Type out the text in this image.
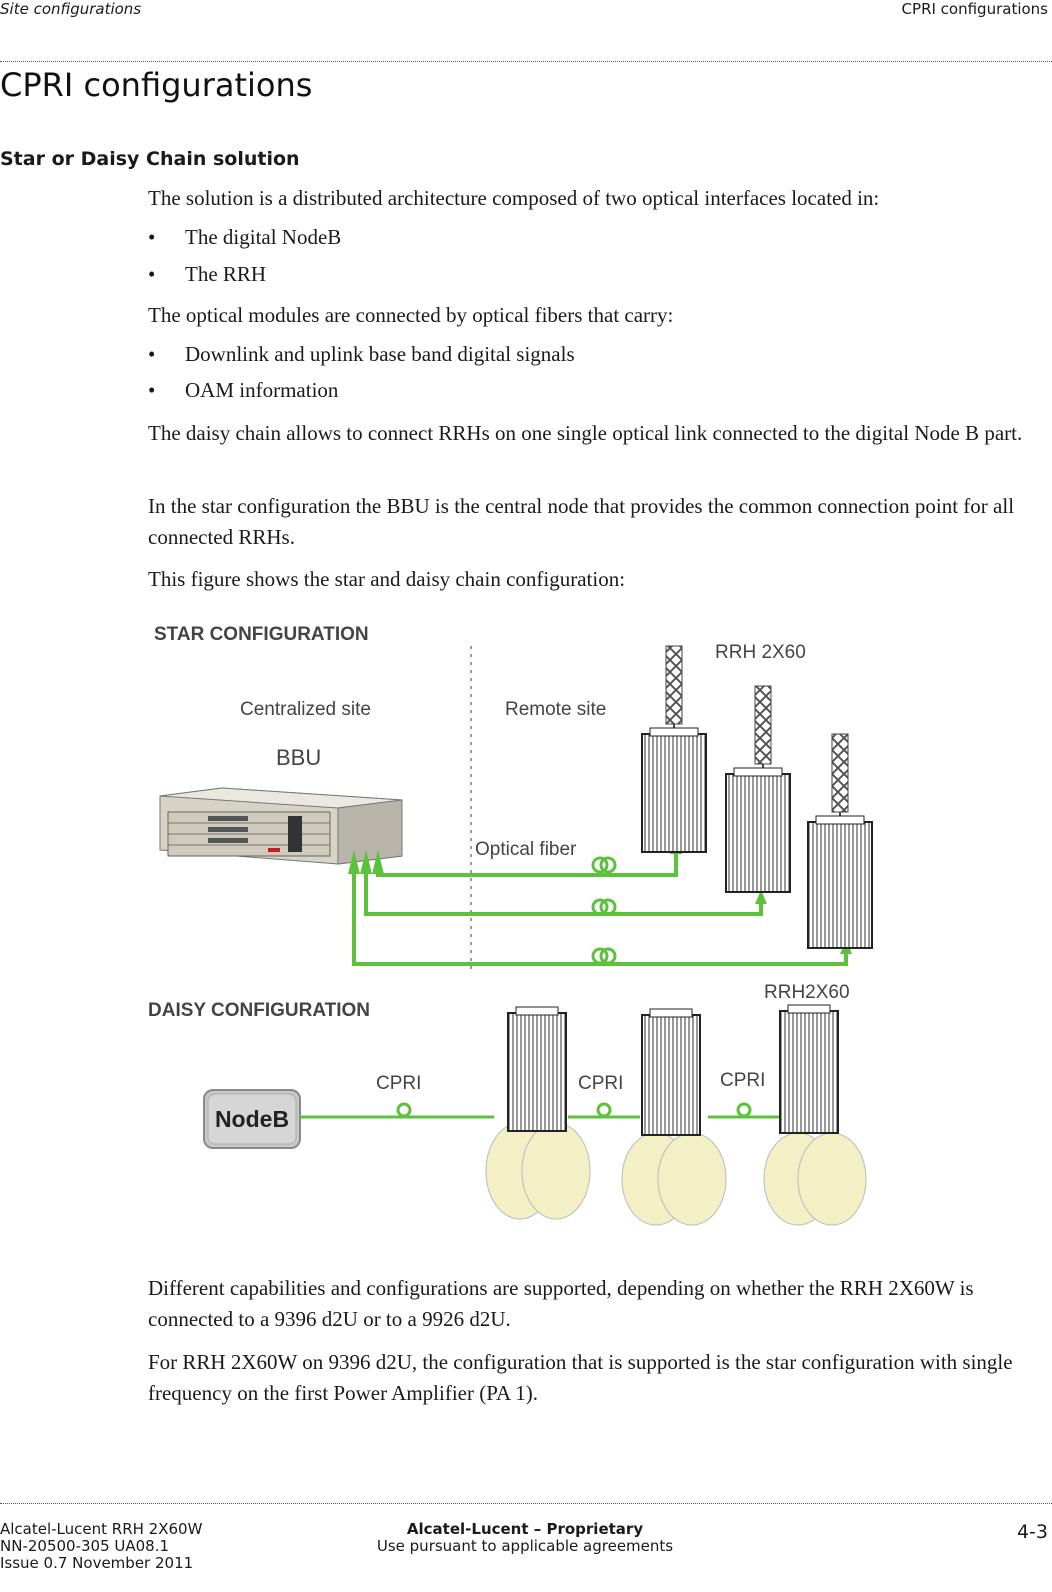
Site configurations	CPRI configurations
CPRI configurations
Star or Daisy Chain solution
The solution is a distributed architecture composed of two optical interfaces located in:
• The digital NodeB
• The RRH
The optical modules are connected by optical fibers that carry:
• Downlink and uplink base band digital signals
• OAM information
The daisy chain allows to connect RRHs on one single optical link connected to the digital Node B part.
In the star configuration the BBU is the central node that provides the common connection point for all connected RRHs.
This figure shows the star and daisy chain configuration:
STAR CONFIGURATION
Centralized site	Remote site
BBU
RRH 2X60
Optical fiber
DAISY CONFIGURATION
RRH2X60
NodeB
CPRI	CPRI	CPRI
Different capabilities and configurations are supported, depending on whether the RRH 2X60W is connected to a 9396 d2U or to a 9926 d2U.
For RRH 2X60W on 9396 d2U, the configuration that is supported is the star configuration with single frequency on the first Power Amplifier (PA 1).
Alcatel-Lucent RRH 2X60W
NN-20500-305 UA08.1
Issue 0.7 November 2011
Alcatel-Lucent – Proprietary
Use pursuant to applicable agreements
4-3
